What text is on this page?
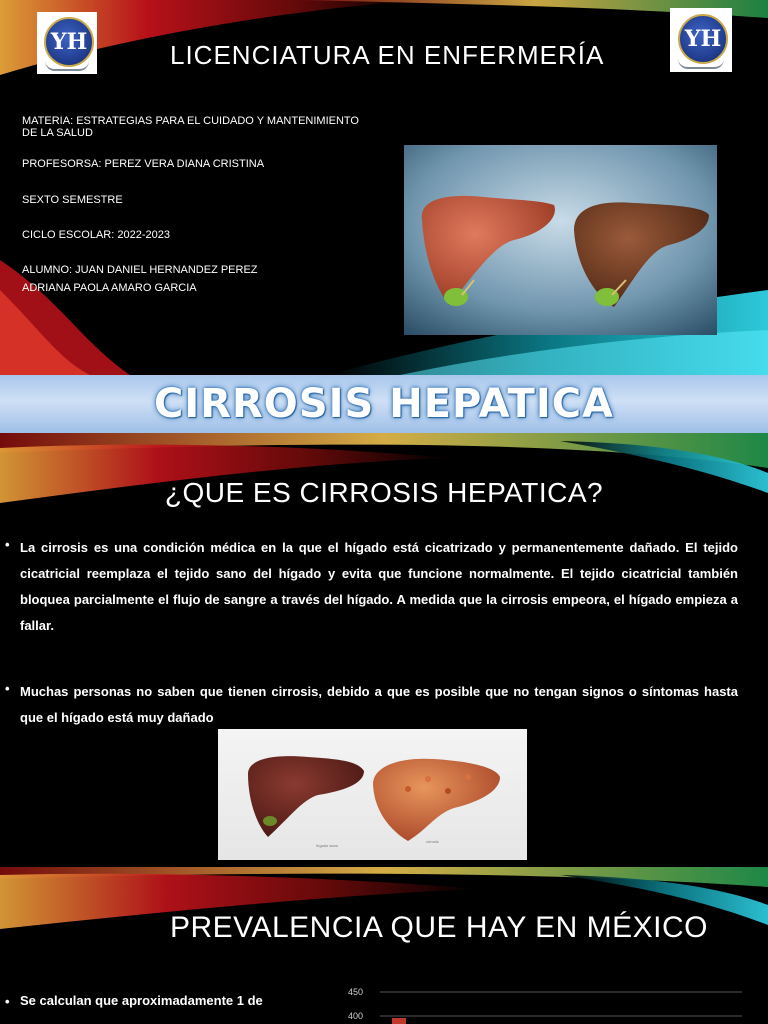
YH	YH
LICENCIATURA EN ENFERMERÍA
MATERIA: ESTRATEGIAS PARA EL CUIDADO Y MANTENIMIENTO DE LA SALUD
PROFESORSA: PEREZ VERA DIANA CRISTINA
SEXTO SEMESTRE
CICLO ESCOLAR: 2022-2023
ALUMNO: JUAN DANIEL HERNANDEZ PEREZ
ADRIANA PAOLA AMARO GARCIA
CIRROSIS HEPATICA
¿QUE ES CIRROSIS HEPATICA?
• La cirrosis es una condición médica en la que el hígado está cicatrizado y permanentemente dañado. El tejido cicatricial reemplaza el tejido sano del hígado y evita que funcione normalmente. El tejido cicatricial también bloquea parcialmente el flujo de sangre a través del hígado. A medida que la cirrosis empeora, el hígado empieza a fallar.
• Muchas personas no saben que tienen cirrosis, debido a que es posible que no tengan signos o síntomas hasta que el hígado está muy dañado
hígado sano
cirrosis
PREVALENCIA QUE HAY EN MÉXICO
• Se calculan que aproximadamente 1 de
450
400
